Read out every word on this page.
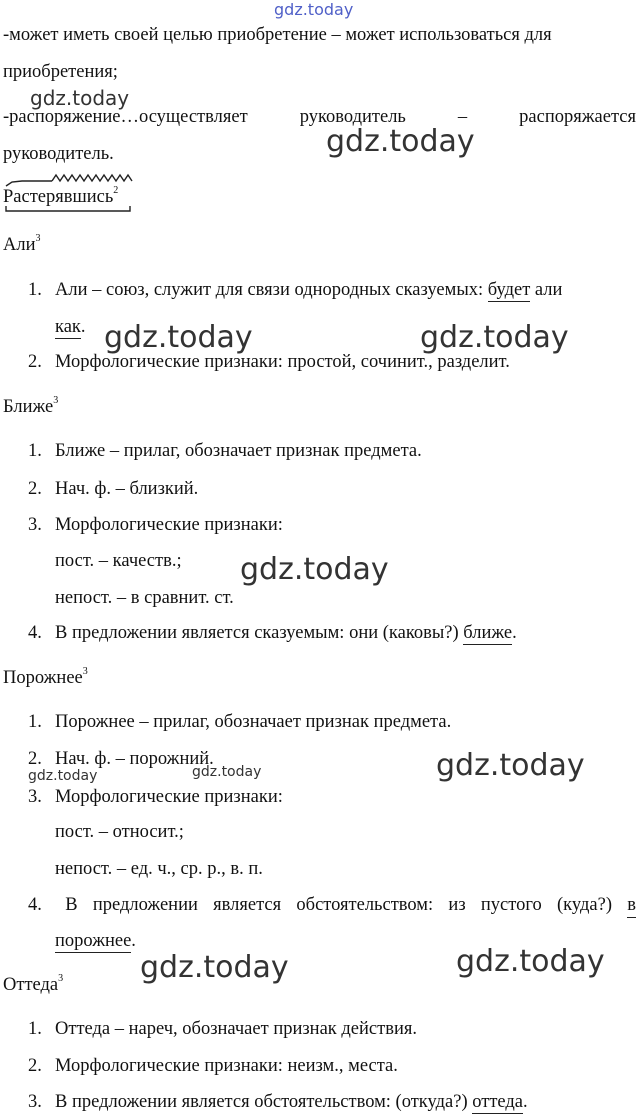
gdz.today
gdz.today
gdz.today
gdz.today	gdz.today
gdz.today
gdz.today
gdz.today	gdz.today
gdz.today	gdz.today
-может иметь своей целью приобретение – может использоваться для
приобретения;
-распоряжение…осуществляет	руководитель	–	распоряжается
руководитель.
Растерявшись$^2$
Али$^3$
1. Али – союз, служит для связи однородных сказуемых: будет али
как.
2. Морфологические признаки: простой, сочинит., разделит.
Ближе$^3$
1. Ближе – прилаг, обозначает признак предмета.
2. Нач. ф. – близкий.
3. Морфологические признаки:
пост. – качеств.;
непост. – в сравнит. ст.
4. В предложении является сказуемым: они (каковы?) ближе.
Порожнее$^3$
1. Порожнее – прилаг, обозначает признак предмета.
2. Нач. ф. – порожний.
3. Морфологические признаки:
пост. – относит.;
непост. – ед. ч., ср. р., в. п.
4.	В предложении является обстоятельством: из пустого (куда?) в
порожнее.
Оттеда$^3$
1. Оттеда – нареч, обозначает признак действия.
2. Морфологические признаки: неизм., места.
3. В предложении является обстоятельством: (откуда?) оттеда.
